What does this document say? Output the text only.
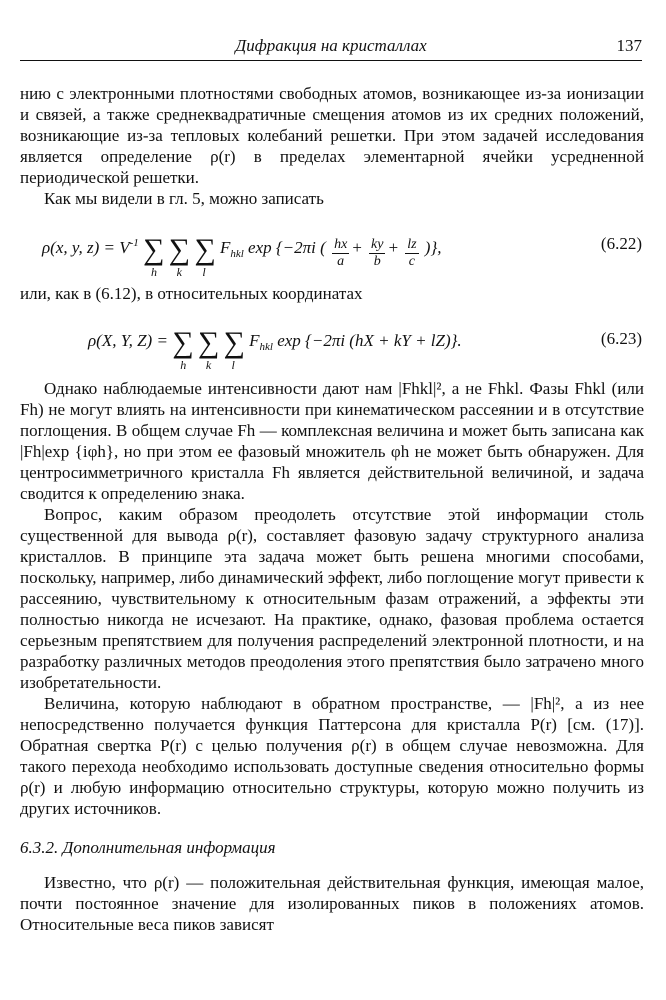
Дифракция на кристаллах	137

нию с электронными плотностями свободных атомов, возникающее из-за ионизации и связей, а также среднеквадратичные смещения атомов из их средних положений, возникающие из-за тепловых колебаний решетки. При этом задачей исследования является определение ρ(r) в пределах элементарной ячейки усредненной периодической решетки.

Как мы видели в гл. 5, можно записать

ρ(x, y, $z) = V^{-1}$ ∑
h
∑
k
∑
l
$F_{hkl}$ exp {−2πi ( $\frac{hx}{a} + \frac{ky}{b} + \frac{lz}{c}$ )},	(6.22)

или, как в (6.12), в относительных координатах

ρ(X, Y, Z) = ∑
h
∑
k
∑
l
$F_{hkl}$ exp {−2πi (hX + kY + lZ)}.	(6.23)

Однако наблюдаемые интенсивности дают нам |Fhkl|², а не Fhkl. Фазы Fhkl (или Fh) не могут влиять на интенсивности при кинематическом рассеянии и в отсутствие поглощения. В общем случае Fh — комплексная величина и может быть записана как |Fh|exp {iφh}, но при этом ее фазовый множитель φh не может быть обнаружен. Для центросимметричного кристалла Fh является действительной величиной, и задача сводится к определению знака.

Вопрос, каким образом преодолеть отсутствие этой информации столь существенной для вывода ρ(r), составляет фазовую задачу структурного анализа кристаллов. В принципе эта задача может быть решена многими способами, поскольку, например, либо динамический эффект, либо поглощение могут привести к рассеянию, чувствительному к относительным фазам отражений, а эффекты эти полностью никогда не исчезают. На практике, однако, фазовая проблема остается серьезным препятствием для получения распределений электронной плотности, и на разработку различных методов преодоления этого препятствия было затрачено много изобретательности.

Величина, которую наблюдают в обратном пространстве, — |Fh|², а из нее непосредственно получается функция Паттерсона для кристалла P(r) [см. (17)]. Обратная свертка P(r) с целью получения ρ(r) в общем случае невозможна. Для такого перехода необходимо использовать доступные сведения относительно формы ρ(r) и любую информацию относительно структуры, которую можно получить из других источников.

6.3.2. Дополнительная информация

Известно, что ρ(r) — положительная действительная функция, имеющая малое, почти постоянное значение для изолированных пиков в положениях атомов. Относительные веса пиков зависят
